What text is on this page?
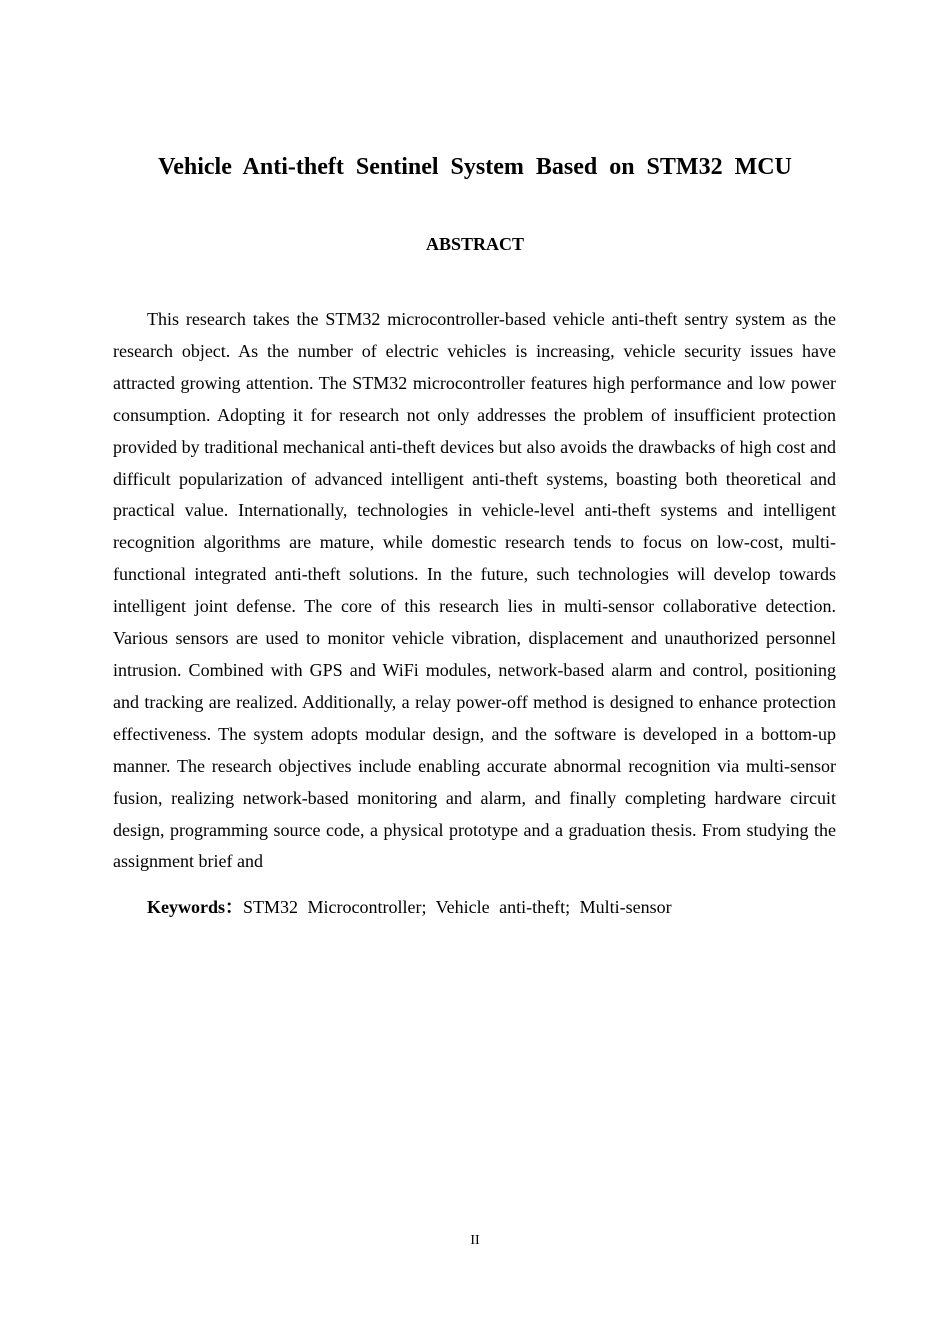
Vehicle Anti-theft Sentinel System Based on STM32 MCU
ABSTRACT

This research takes the STM32 microcontroller-based vehicle anti-theft sentry system as the research object. As the number of electric vehicles is increasing, vehicle security issues have attracted growing attention. The STM32 microcontroller features high performance and low power consumption. Adopting it for research not only addresses the problem of insufficient protection provided by traditional mechanical anti-theft devices but also avoids the drawbacks of high cost and difficult popularization of advanced intelligent anti-theft systems, boasting both theoretical and practical value. Internationally, technologies in vehicle-level anti-theft systems and intelligent recognition algorithms are mature, while domestic research tends to focus on low-cost, multi-functional integrated anti-theft solutions. In the future, such technologies will develop towards intelligent joint defense. The core of this research lies in multi-sensor collaborative detection. Various sensors are used to monitor vehicle vibration, displacement and unauthorized personnel intrusion. Combined with GPS and WiFi modules, network-based alarm and control, positioning and tracking are realized. Additionally, a relay power-off method is designed to enhance protection effectiveness. The system adopts modular design, and the software is developed in a bottom-up manner. The research objectives include enabling accurate abnormal recognition via multi-sensor fusion, realizing network-based monitoring and alarm, and finally completing hardware circuit design, programming source code, a physical prototype and a graduation thesis. From studying the assignment brief and

Keywords：STM32 Microcontroller; Vehicle anti-theft; Multi-sensor
II
